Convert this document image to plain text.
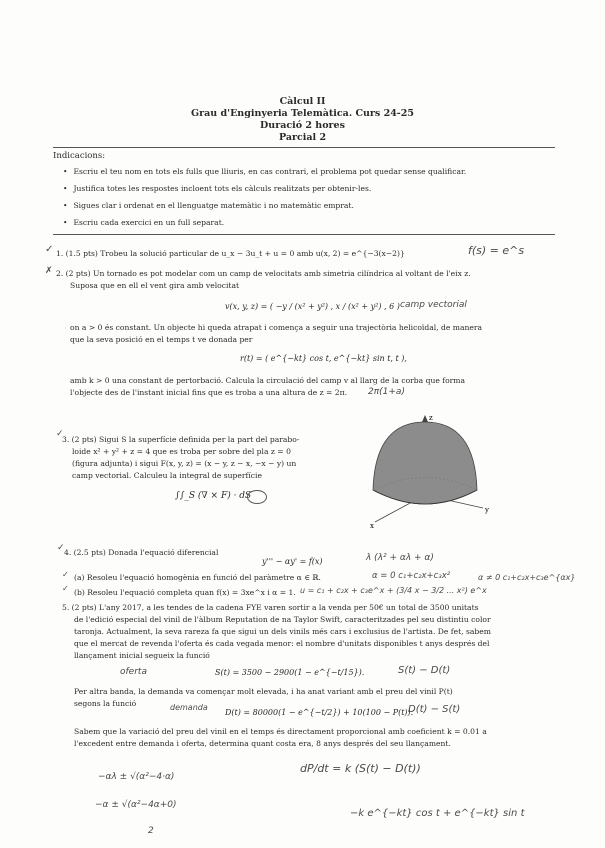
Càlcul II
Grau d'Enginyeria Telemàtica. Curs 24-25
Duració 2 hores
Parcial 2
Indicacions:
• Escriu el teu nom en tots els fulls que lliuris, en cas contrari, el problema pot quedar sense qualificar.
• Justifica totes les respostes incloent tots els càlculs realitzats per obtenir-les.
• Sigues clar i ordenat en el llenguatge matemàtic i no matemàtic emprat.
• Escriu cada exercici en un full separat.
✓ 1. (1.5 pts) Trobeu la solució particular de u_x − 3u_t + u = 0 amb u(x, 2) = e^{−3(x−2)}	f(s) = e^s
✗ 2. (2 pts) Un tornado es pot modelar com un camp de velocitats amb simetria cilíndrica al voltant de l'eix z.
Suposa que en ell el vent gira amb velocitat
v(x, y, z) = ( −y / (x² + y²) , x / (x² + y²) , 6 ) camp vectorial
on a > 0 és constant. Un objecte hi queda atrapat i comença a seguir una trajectòria helicoïdal, de manera
que la seva posició en el temps t ve donada per
r(t) = ( e^{−kt} cos t, e^{−kt} sin t, t ),
amb k > 0 una constant de pertorbació. Calcula la circulació del camp v al llarg de la corba que forma
l'objecte des de l'instant inicial fins que es troba a una altura de z = 2π. 2π(1+a)
✓
3. (2 pts) Sigui S la superfície definida per la part del parabo-
loide x² + y² + z = 4 que es troba per sobre del pla z = 0
(figura adjunta) i sigui F(x, y, z) = (x − y, z − x, −x − y) un
camp vectorial. Calculeu la integral de superfície
∫∫_S (∇ × F) · dS
z
x
y
✓ 4. (2.5 pts) Donada l'equació diferencial
y''' − αy' = f(x)	λ (λ² + αλ + α)
✓ (a) Resoleu l'equació homogènia en funció del paràmetre α ∈ ℝ.	α = 0 c₁+c₂x+c₃x²	α ≠ 0 c₁+c₂x+c₃e^{αx}
✓ (b) Resoleu l'equació completa quan f(x) = 3xe^x i α = 1. u = c₁ + c₂x + c₃e^x + (3/4 x − 3/2 ... x²) e^x
5. (2 pts) L'any 2017, a les tendes de la cadena FYE varen sortir a la venda per 50€ un total de 3500 unitats
de l'edició especial del vinil de l'àlbum Reputation de na Taylor Swift, caracteritzades pel seu distintiu color
taronja. Actualment, la seva rareza fa que sigui un dels vinils més cars i exclusius de l'artista. De fet, sabem
que el mercat de revenda l'oferta és cada vegada menor: el nombre d'unitats disponibles t anys després del
llançament inicial segueix la funció
oferta	S(t) = 3500 − 2900(1 − e^{−t/15}).	S(t) − D(t)
Per altra banda, la demanda va començar molt elevada, i ha anat variant amb el preu del vinil P(t)
segons la funció	demanda
D(t) = 80000(1 − e^{−t/2}) + 10(100 − P(t)).
D(t) − S(t)
Sabem que la variació del preu del vinil en el temps és directament proporcional amb coeficient k = 0.01 a
l'excedent entre demanda i oferta, determina quant costa era, 8 anys després del seu llançament.
dP/dt = k (S(t) − D(t))
−αλ ± √(α²−4·α)
−α ± √(α²−4α+0)
2
−k e^{−kt} cos t + e^{−kt} sin t
